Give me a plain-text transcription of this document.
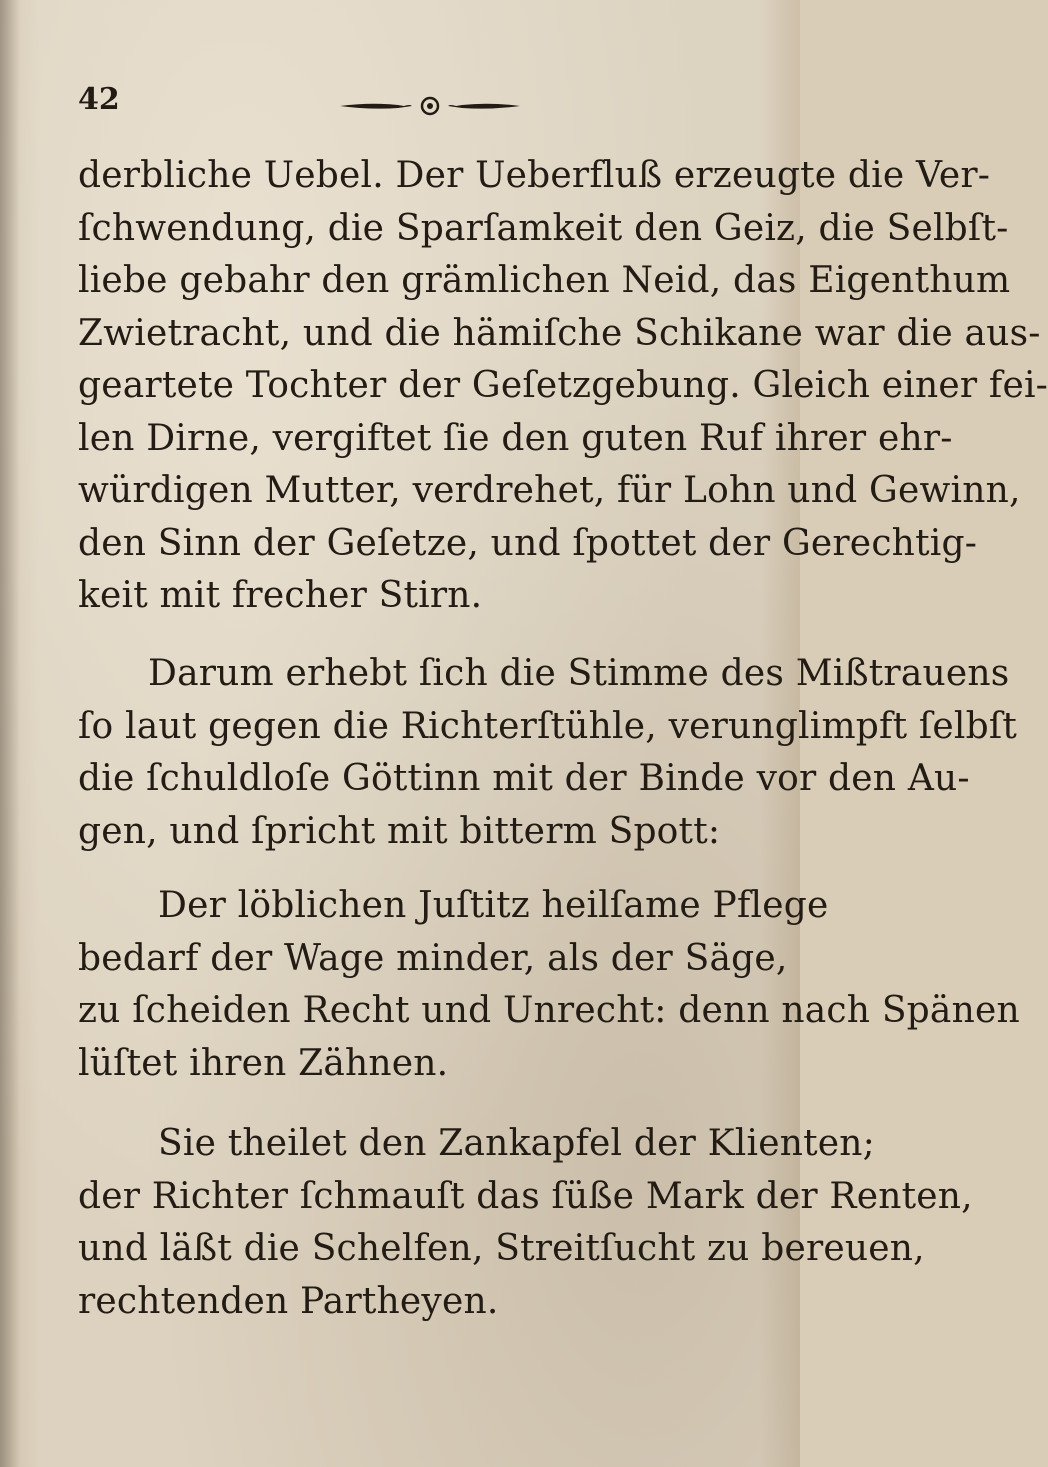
42
derbliche Uebel. Der Ueberfluß erzeugte die Ver-
ſchwendung, die Sparſamkeit den Geiz, die Selbſt-
liebe gebahr den grämlichen Neid, das Eigenthum
Zwietracht, und die hämiſche Schikane war die aus-
geartete Tochter der Geſetzgebung. Gleich einer fei-
len Dirne, vergiftet ſie den guten Ruf ihrer ehr-
würdigen Mutter, verdrehet, für Lohn und Gewinn,
den Sinn der Geſetze, und ſpottet der Gerechtig-
keit mit frecher Stirn.
Darum erhebt ſich die Stimme des Mißtrauens
ſo laut gegen die Richterſtühle, verunglimpft ſelbſt
die ſchuldloſe Göttinn mit der Binde vor den Au-
gen, und ſpricht mit bitterm Spott:
Der löblichen Juſtitz heilſame Pflege
bedarf der Wage minder, als der Säge,
zu ſcheiden Recht und Unrecht: denn nach Spänen
lüſtet ihren Zähnen.
Sie theilet den Zankapfel der Klienten;
der Richter ſchmauſt das ſüße Mark der Renten,
und läßt die Schelfen, Streitſucht zu bereuen,
rechtenden Partheyen.
